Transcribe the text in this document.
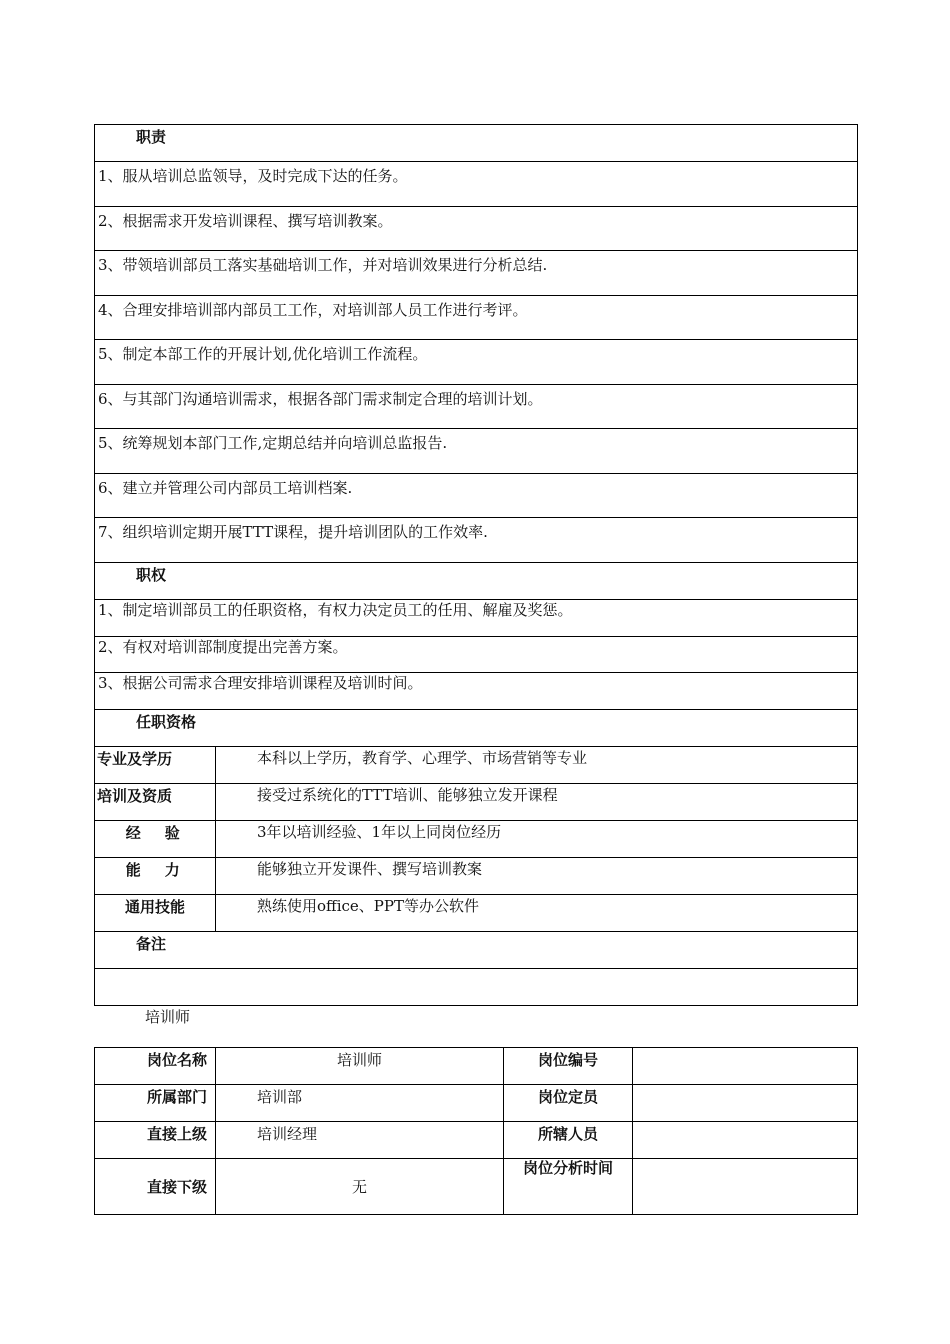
职责	
1、服从培训总监领导，及时完成下达的任务。	
2、根据需求开发培训课程、撰写培训教案。	
3、带领培训部员工落实基础培训工作，并对培训效果进行分析总结.	
4、合理安排培训部内部员工工作，对培训部人员工作进行考评。	
5、制定本部工作的开展计划,优化培训工作流程。	
6、与其部门沟通培训需求，根据各部门需求制定合理的培训计划。	
5、统筹规划本部门工作,定期总结并向培训总监报告.	
6、建立并管理公司内部员工培训档案.	
7、组织培训定期开展TTT课程，提升培训团队的工作效率.	
职权	
1、制定培训部员工的任职资格，有权力决定员工的任用、解雇及奖惩。	
2、有权对培训部制度提出完善方案。	
3、根据公司需求合理安排培训课程及培训时间。	
任职资格	
专业及学历	本科以上学历，教育学、心理学、市场营销等专业
培训及资质	接受过系统化的TTT培训、能够独立发开课程
经　验	3年以培训经验、1年以上同岗位经历
能　力	能够独立开发课件、撰写培训教案
通用技能	熟练使用office、PPT等办公软件
备注	

培训师
岗位名称	培训师	岗位编号	
所属部门	培训部	岗位定员	
直接上级	培训经理	所辖人员	
直接下级	无	岗位分析时间	
